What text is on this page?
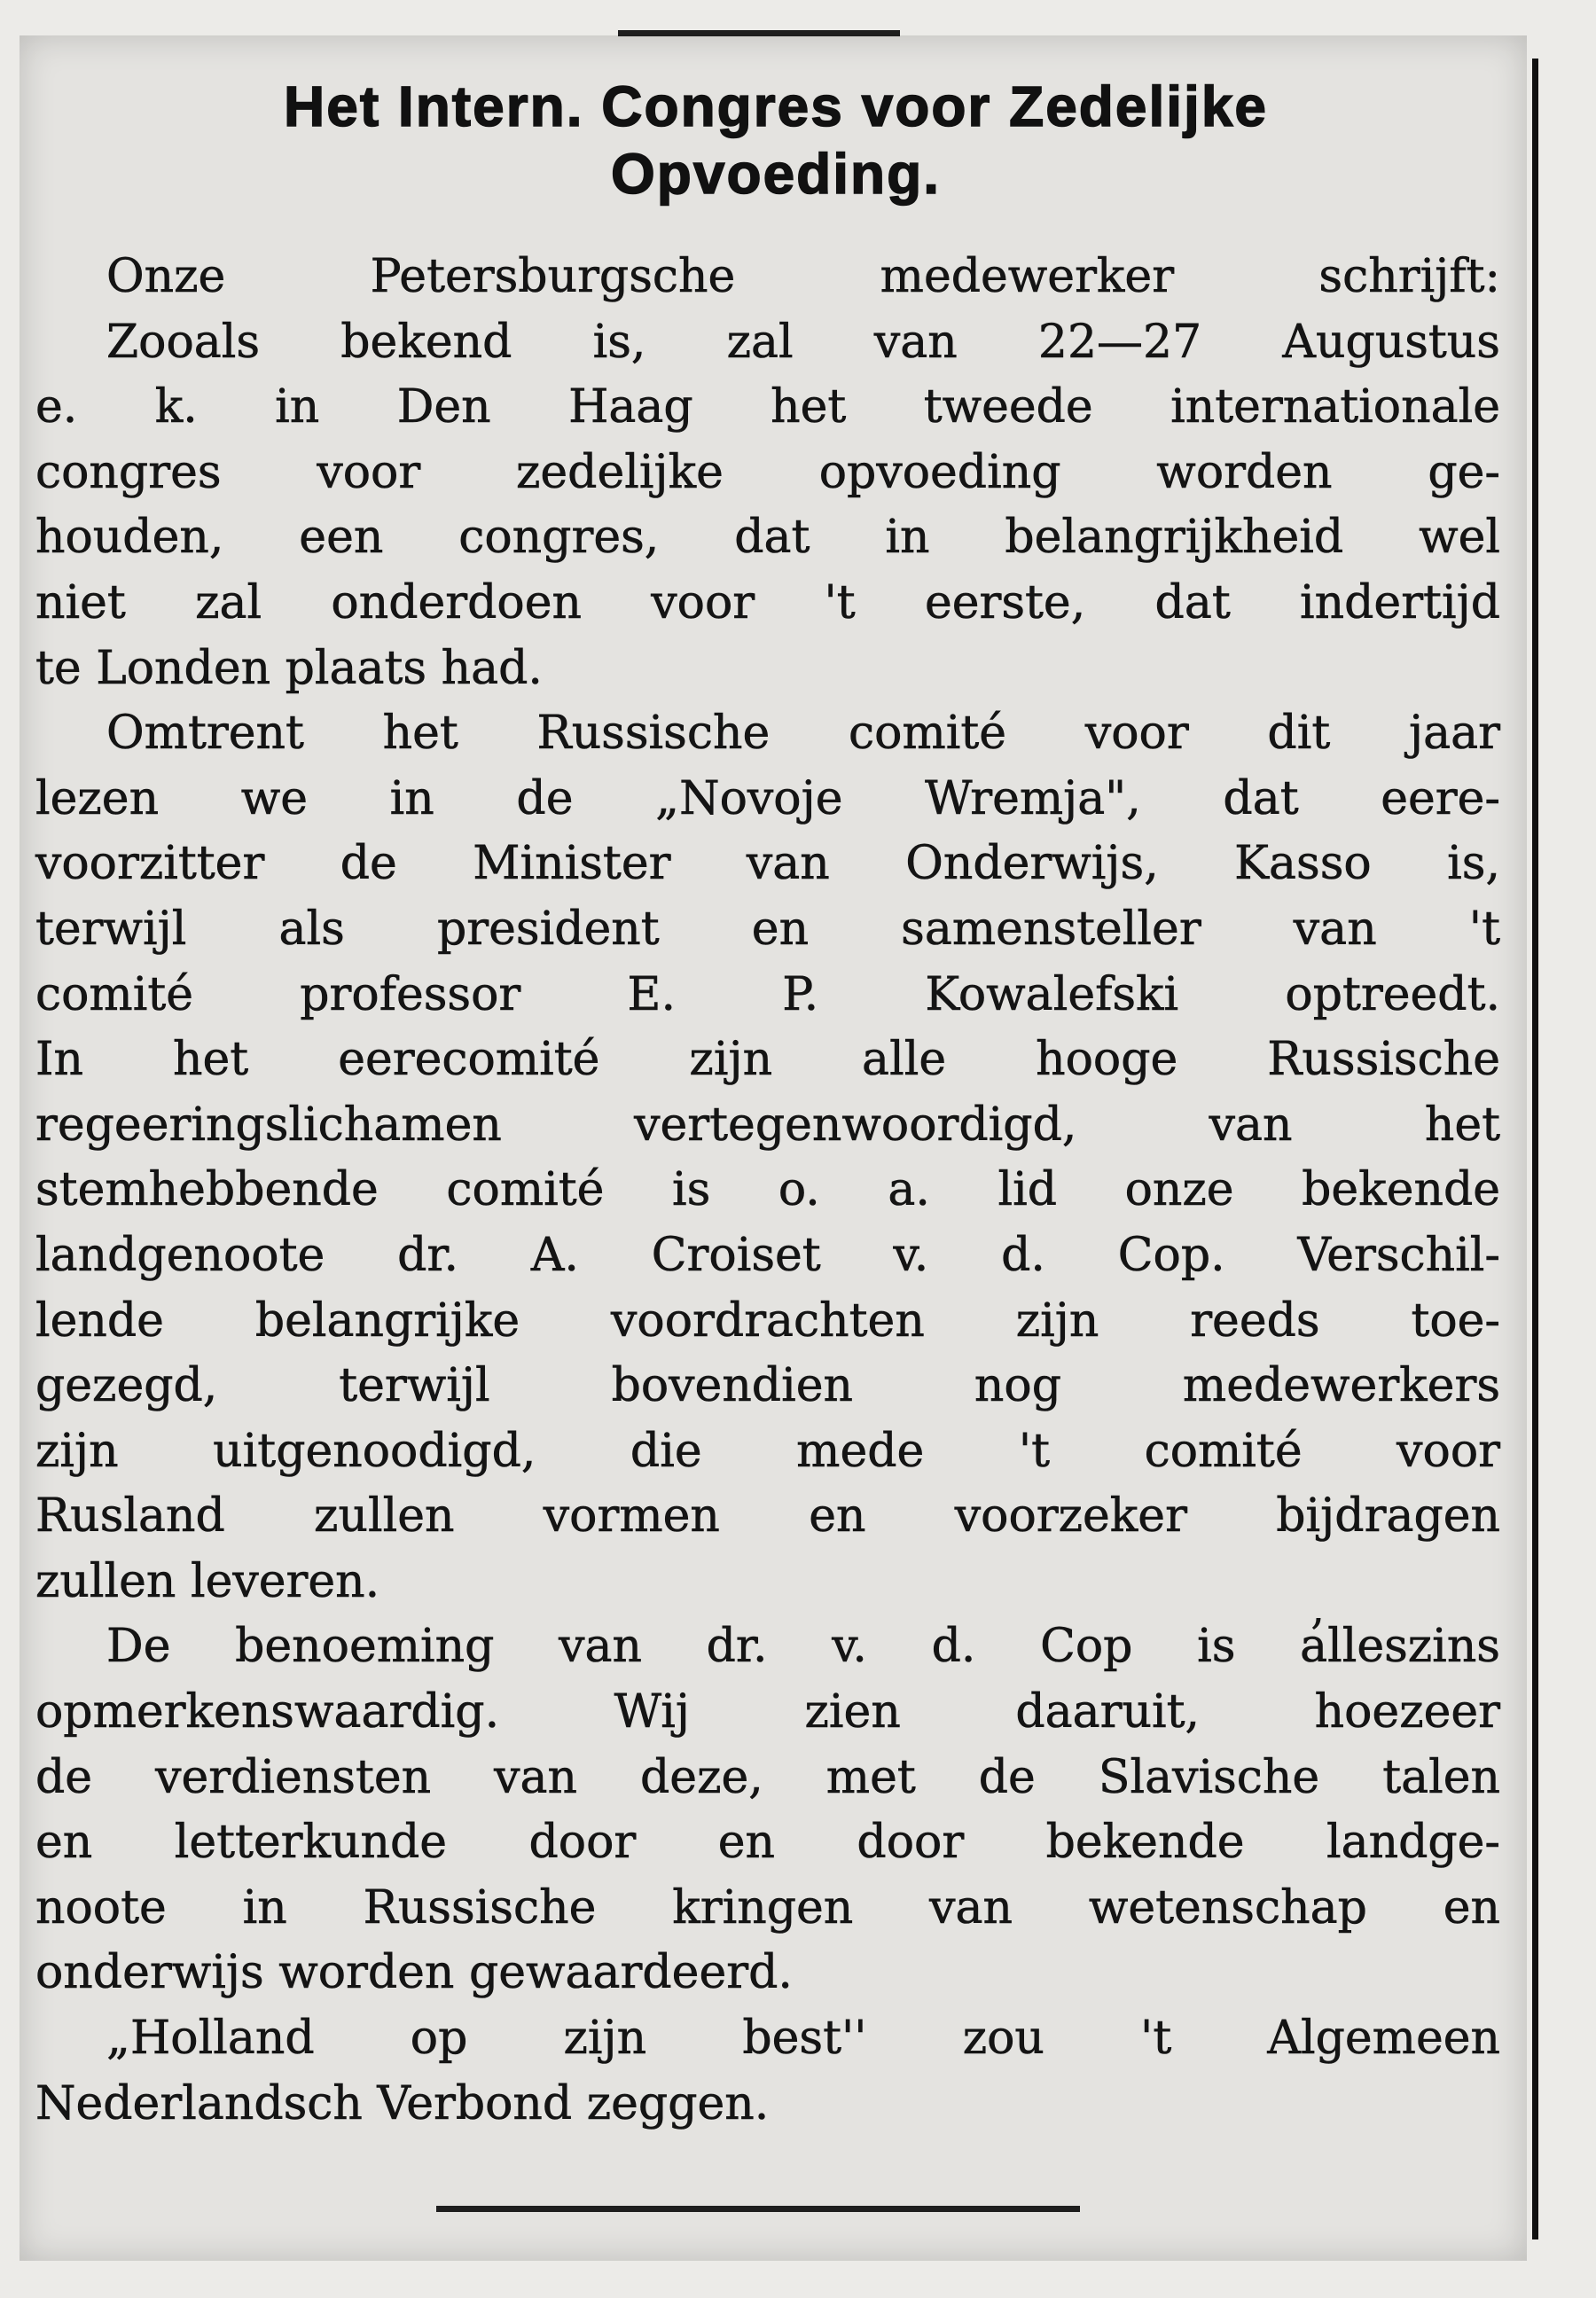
Het Intern. Congres voor Zedelijke
Opvoeding.
Onze Petersburgsche medewerker schrijft:
Zooals bekend is, zal van 22—27 Augustus
e. k. in Den Haag het tweede internationale
congres voor zedelijke opvoeding worden ge-
houden, een congres, dat in belangrijkheid wel
niet zal onderdoen voor 't eerste, dat indertijd
te Londen plaats had.
Omtrent het Russische comité voor dit jaar
lezen we in de „Novoje Wremja", dat eere-
voorzitter de Minister van Onderwijs, Kasso is,
terwijl als president en samensteller van 't
comité professor E. P. Kowalefski optreedt.
In het eerecomité zijn alle hooge Russische
regeeringslichamen vertegenwoordigd, van het
stemhebbende comité is o. a. lid onze bekende
landgenoote dr. A. Croiset v. d. Cop. Verschil-
lende belangrijke voordrachten zijn reeds toe-
gezegd, terwijl bovendien nog medewerkers
zijn uitgenoodigd, die mede 't comité voor
Rusland zullen vormen en voorzeker bijdragen
zullen leveren.
De benoeming van dr. v. d. Cop is alleszins
opmerkenswaardig. Wij zien daaruit, hoezeer
de verdiensten van deze, met de Slavische talen
en letterkunde door en door bekende landge-
noote in Russische kringen van wetenschap en
onderwijs worden gewaardeerd.
„Holland op zijn best'' zou 't Algemeen
Nederlandsch Verbond zeggen.
,
